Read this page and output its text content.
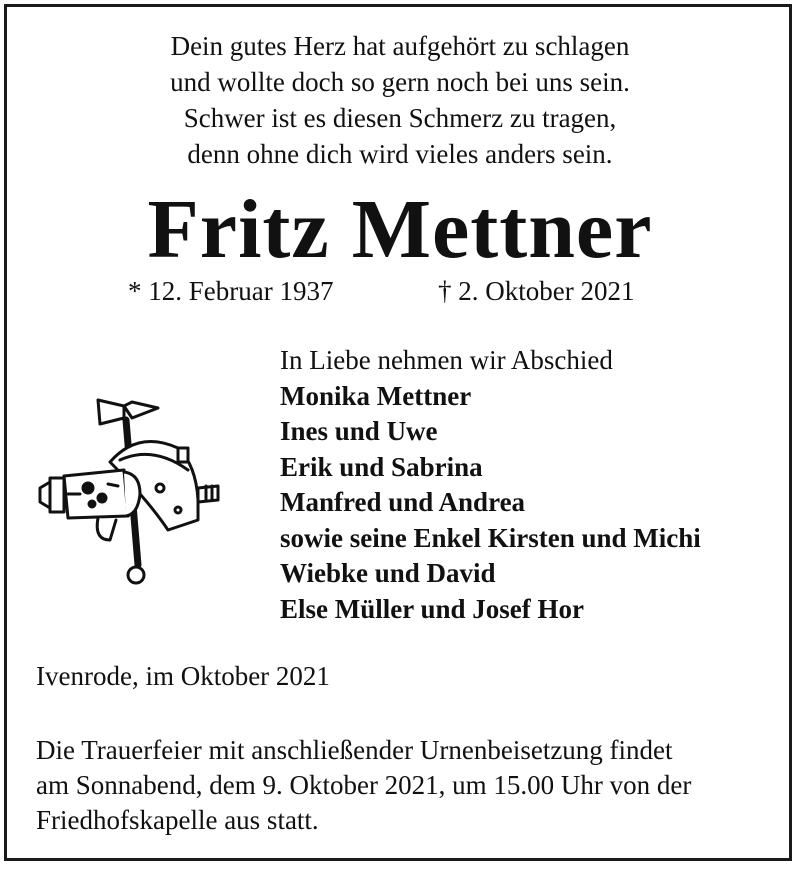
Dein gutes Herz hat aufgehört zu schlagen
und wollte doch so gern noch bei uns sein.
Schwer ist es diesen Schmerz zu tragen,
denn ohne dich wird vieles anders sein.
Fritz Mettner
* 12. Februar 1937	† 2. Oktober 2021
In Liebe nehmen wir Abschied
Monika Mettner
Ines und Uwe
Erik und Sabrina
Manfred und Andrea
sowie seine Enkel Kirsten und Michi
Wiebke und David
Else Müller und Josef Hor
Ivenrode, im Oktober 2021
Die Trauerfeier mit anschließender Urnenbeisetzung findet
am Sonnabend, dem 9. Oktober 2021, um 15.00 Uhr von der
Friedhofskapelle aus statt.
